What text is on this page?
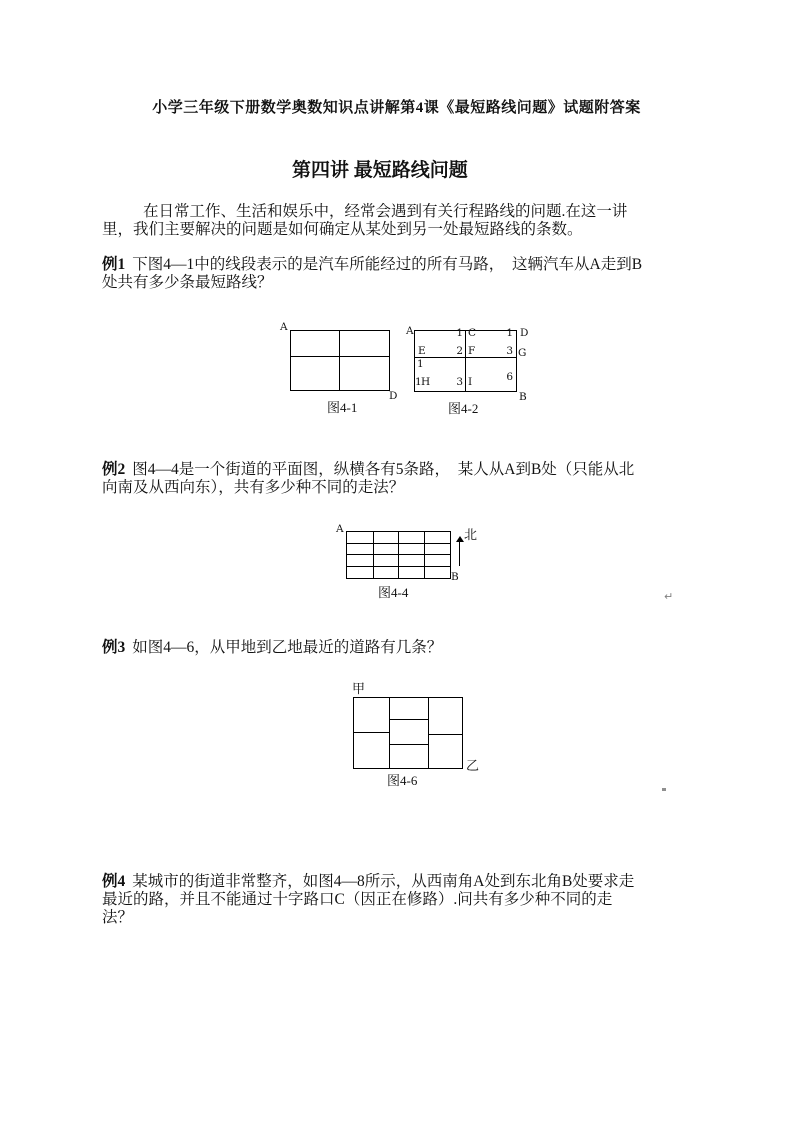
小学三年级下册数学奥数知识点讲解第4课《最短路线问题》试题附答案
第四讲 最短路线问题
在日常工作、生活和娱乐中，经常会遇到有关行程路线的问题.在这一讲
里，我们主要解决的问题是如何确定从某处到另一处最短路线的条数。
例1 下图4—1中的线段表示的是汽车所能经过的所有马路，　这辆汽车从A走到B
处共有多少条最短路线？
A
D
图4-1
A	D
G
B
1 C	1
E	2 F	3
1
1 H	3 I	6
图4-2
例2 图4—4是一个街道的平面图，纵横各有5条路，　某人从A到B处（只能从北
向南及从西向东），共有多少种不同的走法？
A
B
北
图4-4	↵
例3 如图4—6，从甲地到乙地最近的道路有几条？
甲
乙
图4-6
例4 某城市的街道非常整齐，如图4—8所示，从西南角A处到东北角B处要求走
最近的路，并且不能通过十字路口C（因正在修路）.问共有多少种不同的走
法？
